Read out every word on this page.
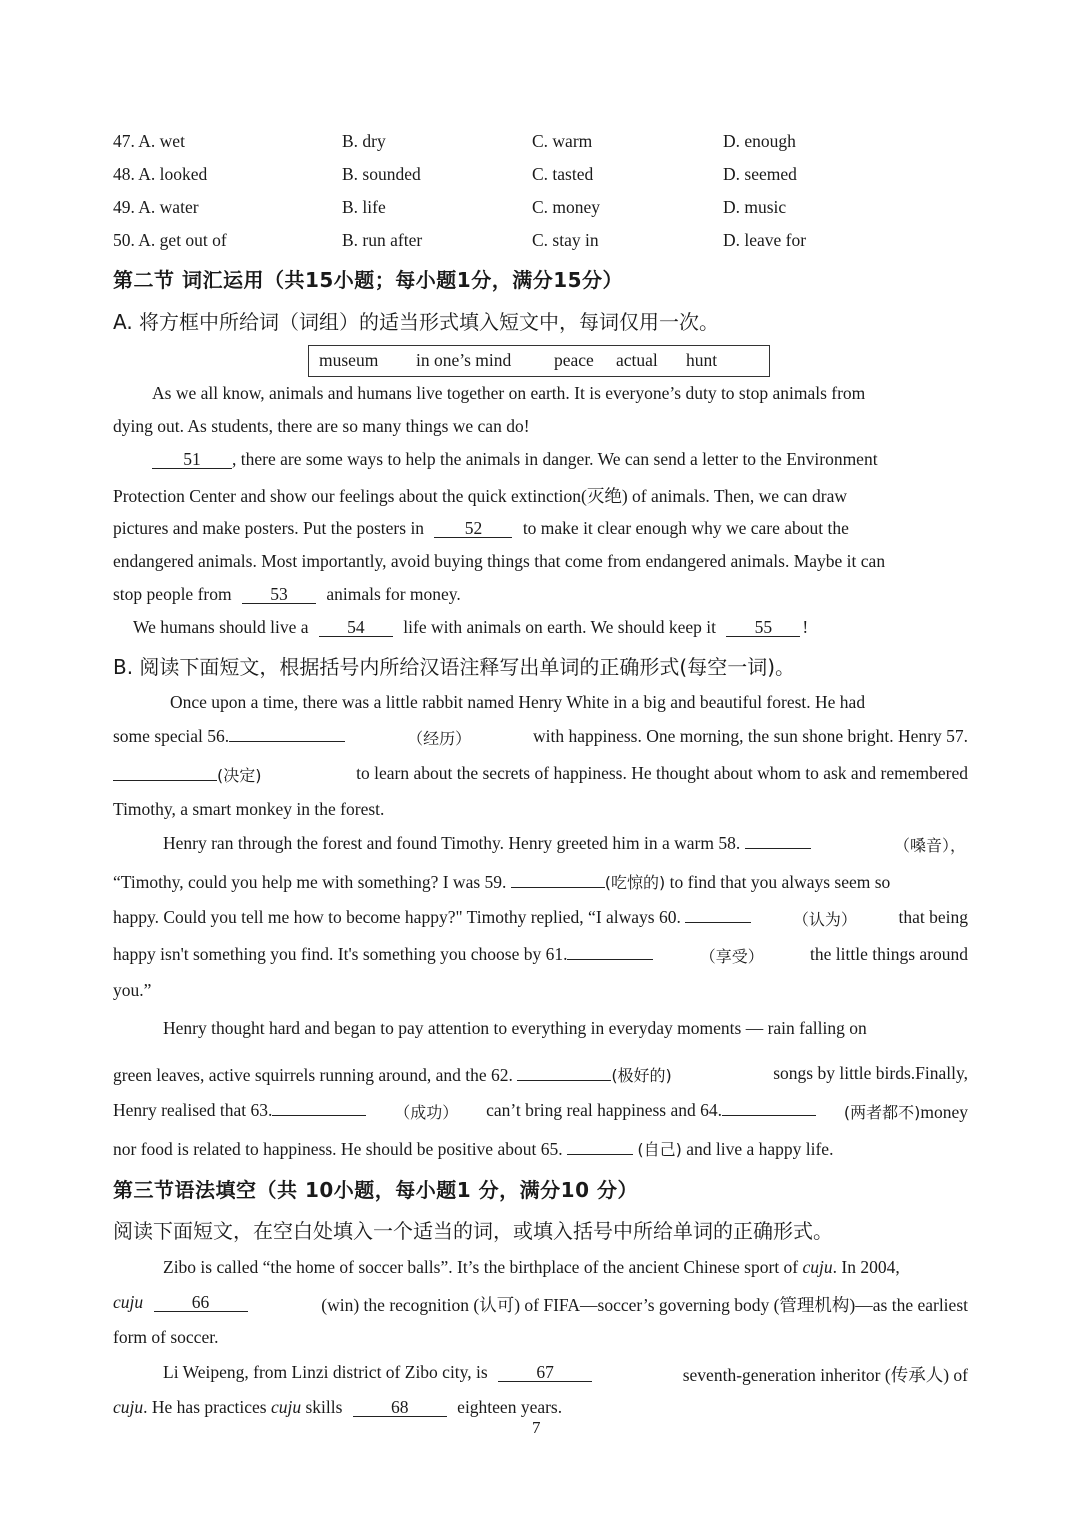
47. A. wet	B. dry	C. warm	D. enough
48. A. looked	B. sounded	C. tasted	D. seemed
49. A. water	B. life	C. money	D. music
50. A. get out of	B. run after	C. stay in	D. leave for
第二节 词汇运用（共15小题；每小题1分，满分15分）
A. 将方框中所给词（词组）的适当形式填入短文中，每词仅用一次。
museum in one’s mind peace actual hunt
As we all know, animals and humans live together on earth. It is everyone’s duty to stop animals from
dying out. As students, there are so many things we can do!
51 , there are some ways to help the animals in danger. We can send a letter to the Environment
Protection Center and show our feelings about the quick extinction(灭绝) of animals. Then, we can draw
pictures and make posters. Put the posters in 52 to make it clear enough why we care about the
endangered animals. Most importantly, avoid buying things that come from endangered animals. Maybe it can
stop people from 53 animals for money.
We humans should live a 54 life with animals on earth. We should keep it 55 !
B. 阅读下面短文，根据括号内所给汉语注释写出单词的正确形式(每空一词)。
Once upon a time, there was a little rabbit named Henry White in a big and beautiful forest. He had
some special 56.	（经历）	with happiness. One morning, the sun shone bright. Henry 57.
(决定)	to learn about the secrets of happiness. He thought about whom to ask and remembered
Timothy, a smart monkey in the forest.
Henry ran through the forest and found Timothy. Henry greeted him in a warm 58.	（嗓音），
“Timothy, could you help me with something? I was 59.	(吃惊的) to find that you always seem so
happy. Could you tell me how to become happy?" Timothy replied, “I always 60.	（认为） that being
happy isn't something you find. It's something you choose by 61.	（享受）	the little things around
you.”
Henry thought hard and began to pay attention to everything in everyday moments — rain falling on
green leaves, active squirrels running around, and the 62.	(极好的)	songs by little birds.Finally,
Henry realised that 63.	（成功） can’t bring real happiness and 64.	(两者都不)money
nor food is related to happiness. He should be positive about 65.	(自己) and live a happy life.
第三节语法填空（共 10小题，每小题1 分，满分10 分）
阅读下面短文，在空白处填入一个适当的词，或填入括号中所给单词的正确形式。
Zibo is called “the home of soccer balls”. It’s the birthplace of the ancient Chinese sport of cuju. In 2004,
cuju	66	(win) the recognition (认可) of FIFA—soccer’s governing body (管理机构)—as the earliest
form of soccer.
Li Weipeng, from Linzi district of Zibo city, is	67	seventh-generation inheritor (传承人) of
cuju. He has practices cuju skills	68	eighteen years.
7
